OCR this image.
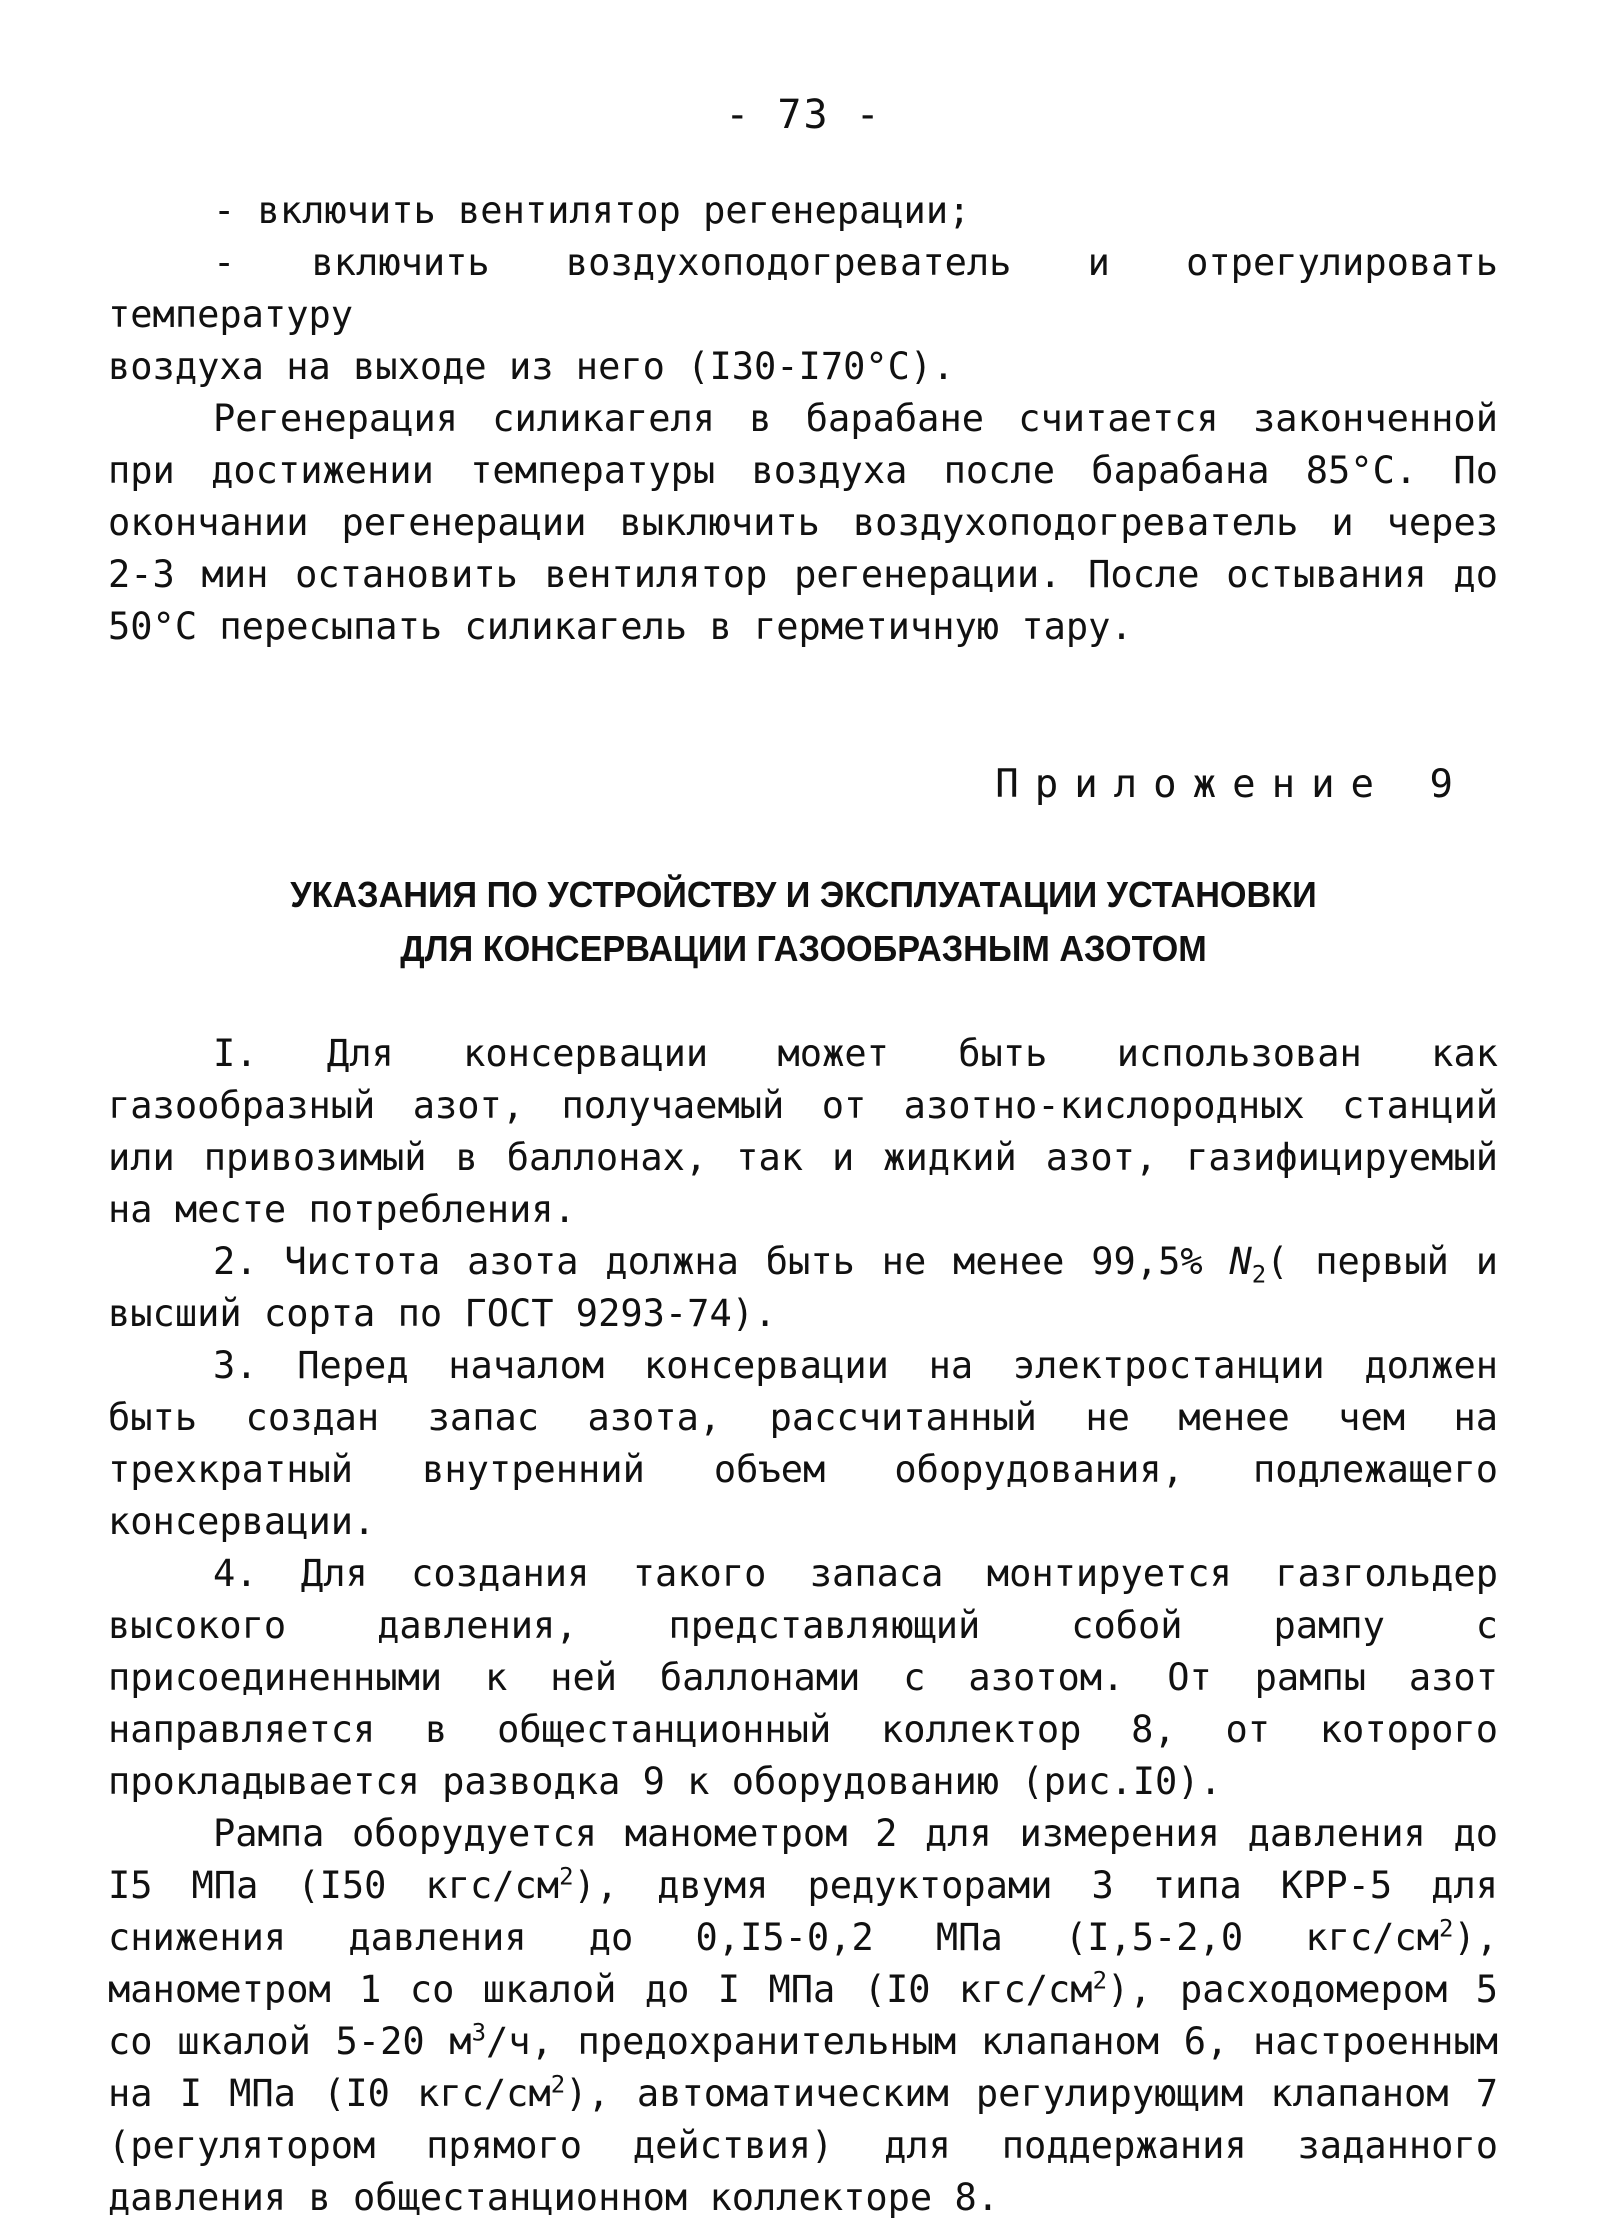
- 73 -

- включить вентилятор регенерации;

- включить воздухоподогреватель и отрегулировать температуру

воздуха на выходе из него (I30-I70°С).

Регенерация силикагеля в барабане считается законченной при достижении температуры воздуха после барабана 85°С. По окончании регенерации выключить воздухоподогреватель и через 2-3 мин остановить вентилятор регенерации. После остывания до 50°С пересыпать силикагель в герметичную тару.

Приложение 9
УКАЗАНИЯ ПО УСТРОЙСТВУ И ЭКСПЛУАТАЦИИ УСТАНОВКИ
ДЛЯ КОНСЕРВАЦИИ ГАЗООБРАЗНЫМ АЗОТОМ

I. Для консервации может быть использован как газообразный азот, получаемый от азотно-кислородных станций или привозимый в баллонах, так и жидкий азот, газифицируемый на месте потребления.

2. Чистота азота должна быть не менее 99,5% $N_2$( первый и высший сорта по ГОСТ 9293-74).

3. Перед началом консервации на электростанции должен быть создан запас азота, рассчитанный не менее чем на трехкратный внутренний объем оборудования, подлежащего консервации.

4. Для создания такого запаса монтируется газгольдер высокого давления, представляющий собой рампу с присоединенными к ней баллонами с азотом. От рампы азот направляется в общестанционный коллектор 8, от которого прокладывается разводка 9 к оборудованию (рис.I0).

Рампа оборудуется манометром 2 для измерения давления до I5 МПа (I50 кгс/$см^2$), двумя редукторами 3 типа КРР-5 для снижения давления до 0,I5-0,2 МПа (I,5-2,0 кгс/$см^2$), манометром 1 со шкалой до I МПа (I0 кгс/$см^2$), расходомером 5 со шкалой 5-20 $м^3/ч$, предохранительным клапаном 6, настроенным на I МПа (I0 кгс/$см^2$), автоматическим регулирующим клапаном 7 (регулятором прямого действия) для поддержания заданного давления в общестанционном коллекторе 8.
